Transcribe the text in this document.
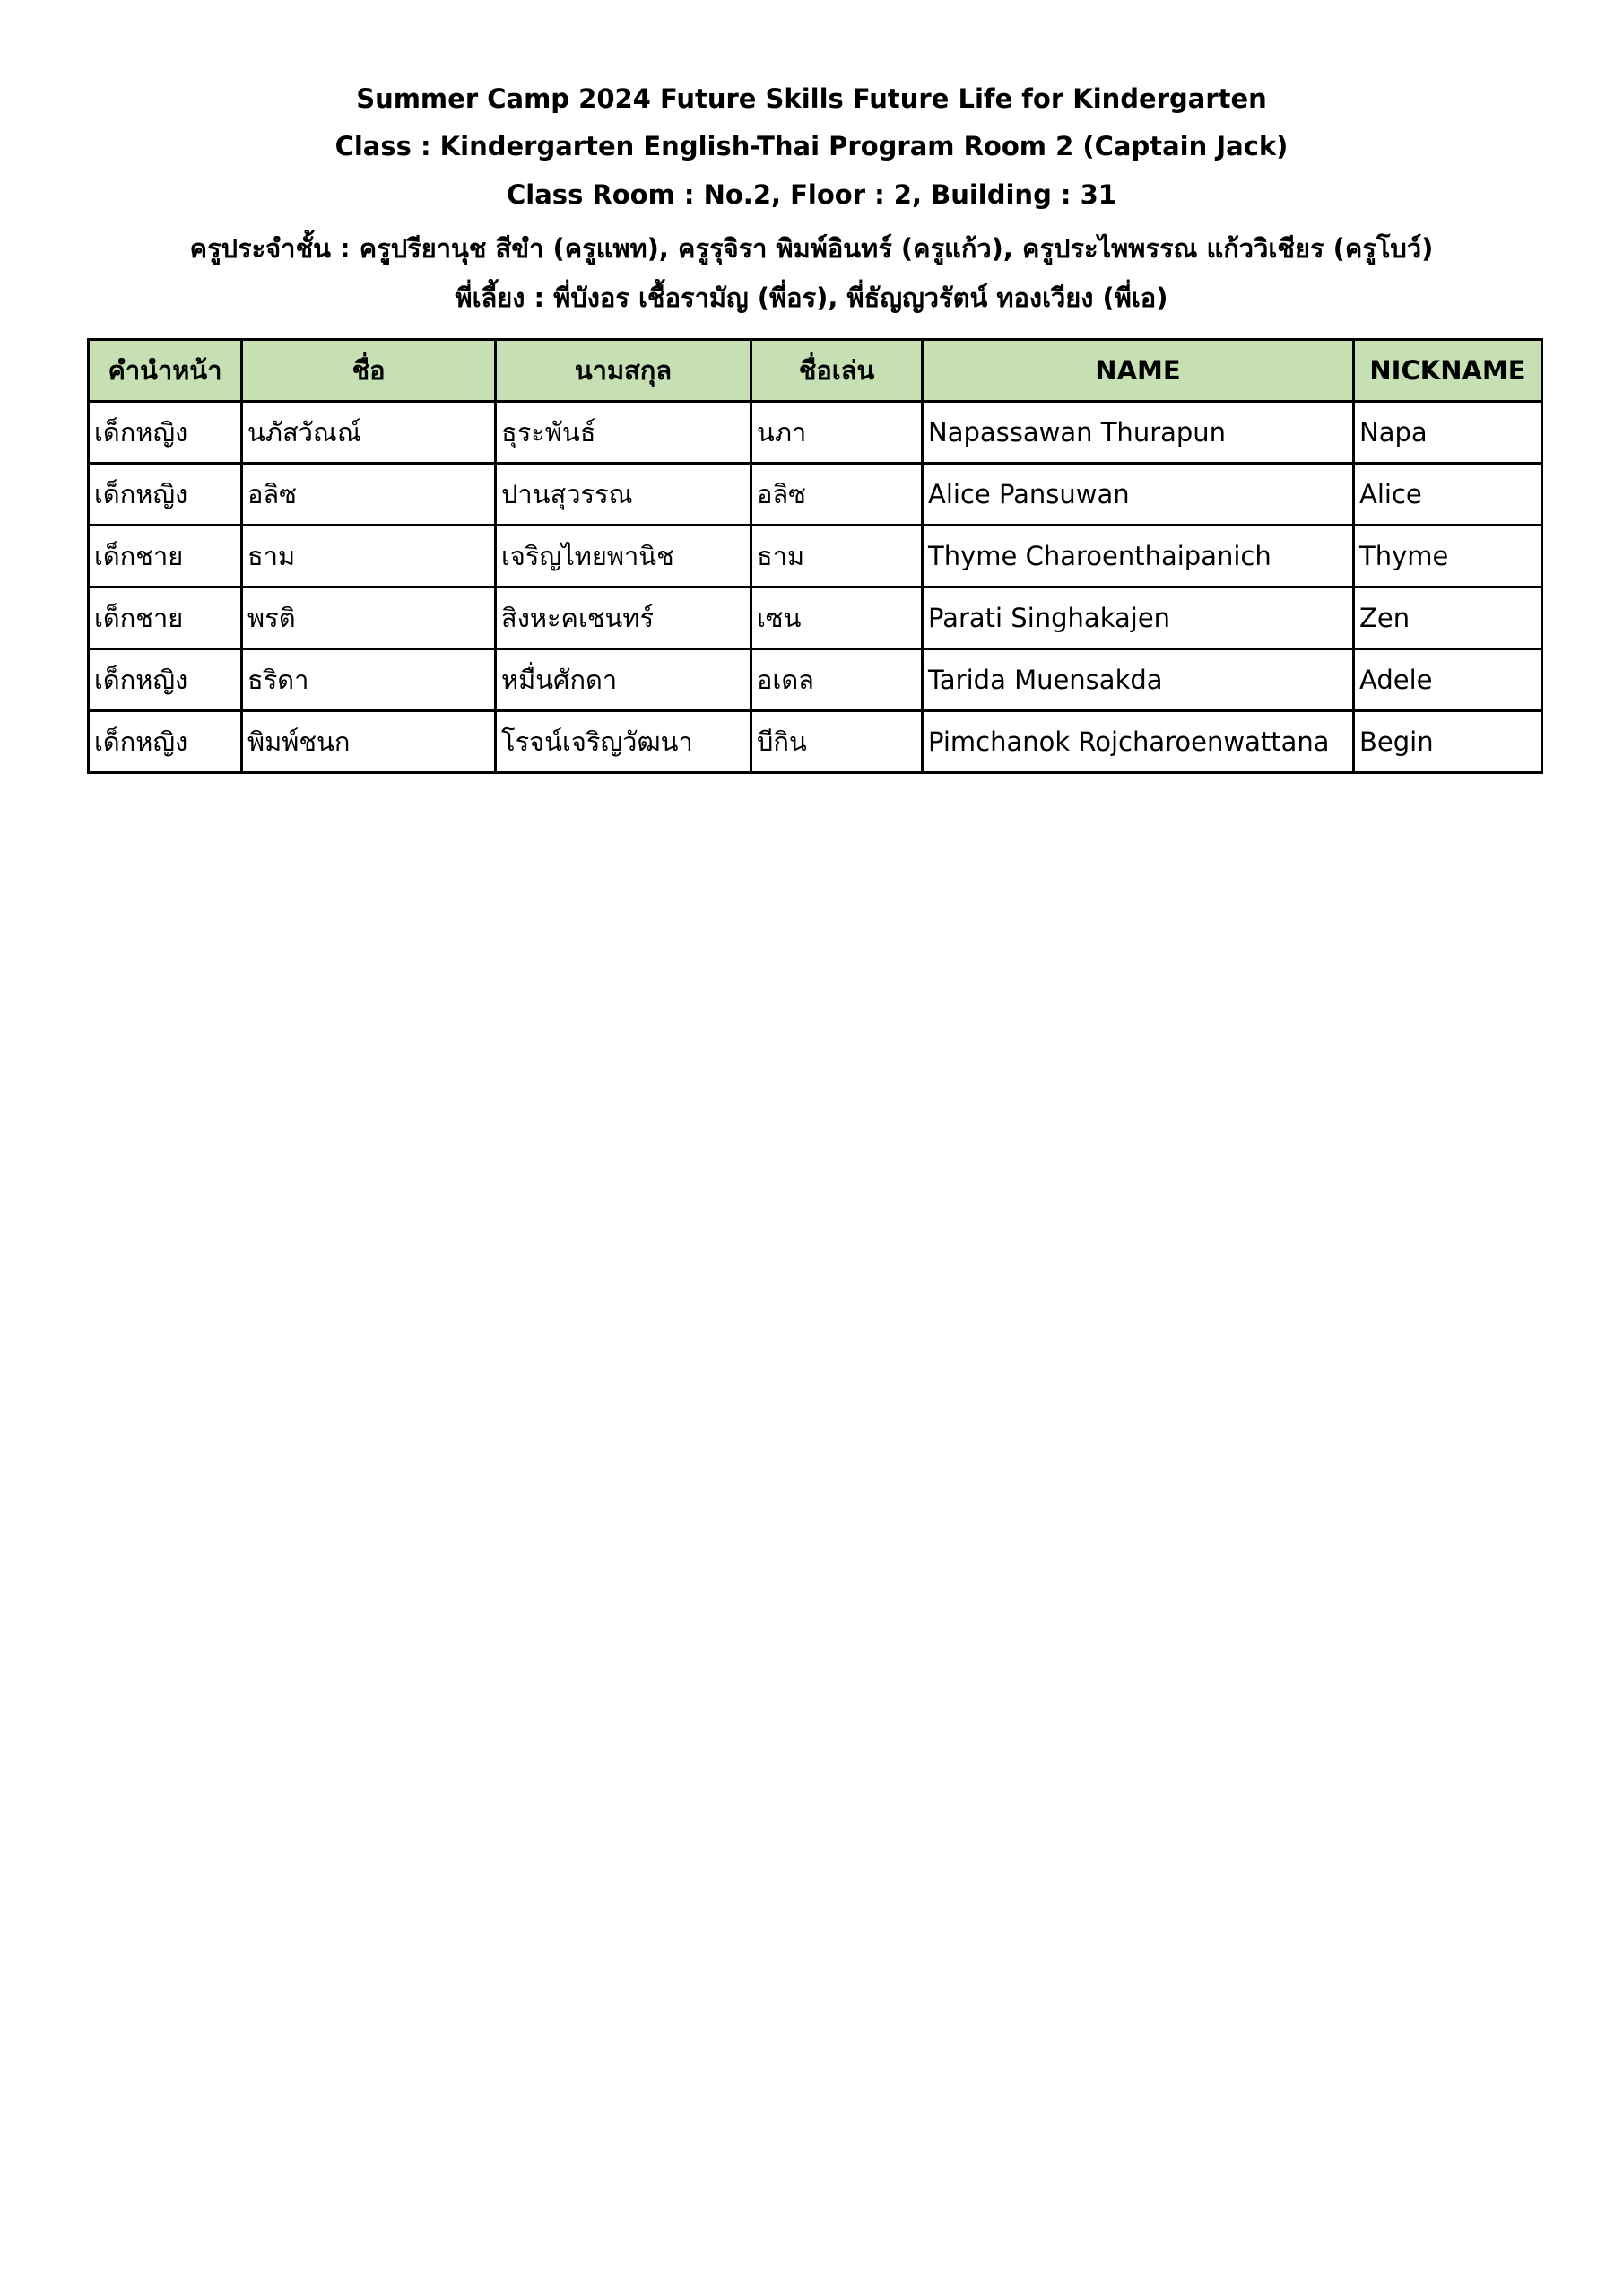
Summer Camp 2024 Future Skills Future Life for Kindergarten
Class : Kindergarten English-Thai Program Room 2 (Captain Jack)
Class Room : No.2, Floor : 2, Building : 31
ครูประจำชั้น : ครูปรียานุช สีขำ (ครูแพท), ครูรุจิรา พิมพ์อินทร์ (ครูแก้ว), ครูประไพพรรณ แก้ววิเชียร (ครูโบว์)
พี่เลี้ยง : พี่บังอร เชื้อรามัญ (พี่อร), พี่ธัญญวรัตน์ ทองเวียง (พี่เอ)
คำนำหน้า	ชื่อ	นามสกุล	ชื่อเล่น	NAME	NICKNAME
เด็กหญิง	นภัสวัณณ์	ธุระพันธ์	นภา	Napassawan Thurapun	Napa
เด็กหญิง	อลิซ	ปานสุวรรณ	อลิซ	Alice Pansuwan	Alice
เด็กชาย	ธาม	เจริญไทยพานิช	ธาม	Thyme Charoenthaipanich	Thyme
เด็กชาย	พรติ	สิงหะคเชนทร์	เซน	Parati Singhakajen	Zen
เด็กหญิง	ธริดา	หมื่นศักดา	อเดล	Tarida Muensakda	Adele
เด็กหญิง	พิมพ์ชนก	โรจน์เจริญวัฒนา	บีกิน	Pimchanok Rojcharoenwattana	Begin
